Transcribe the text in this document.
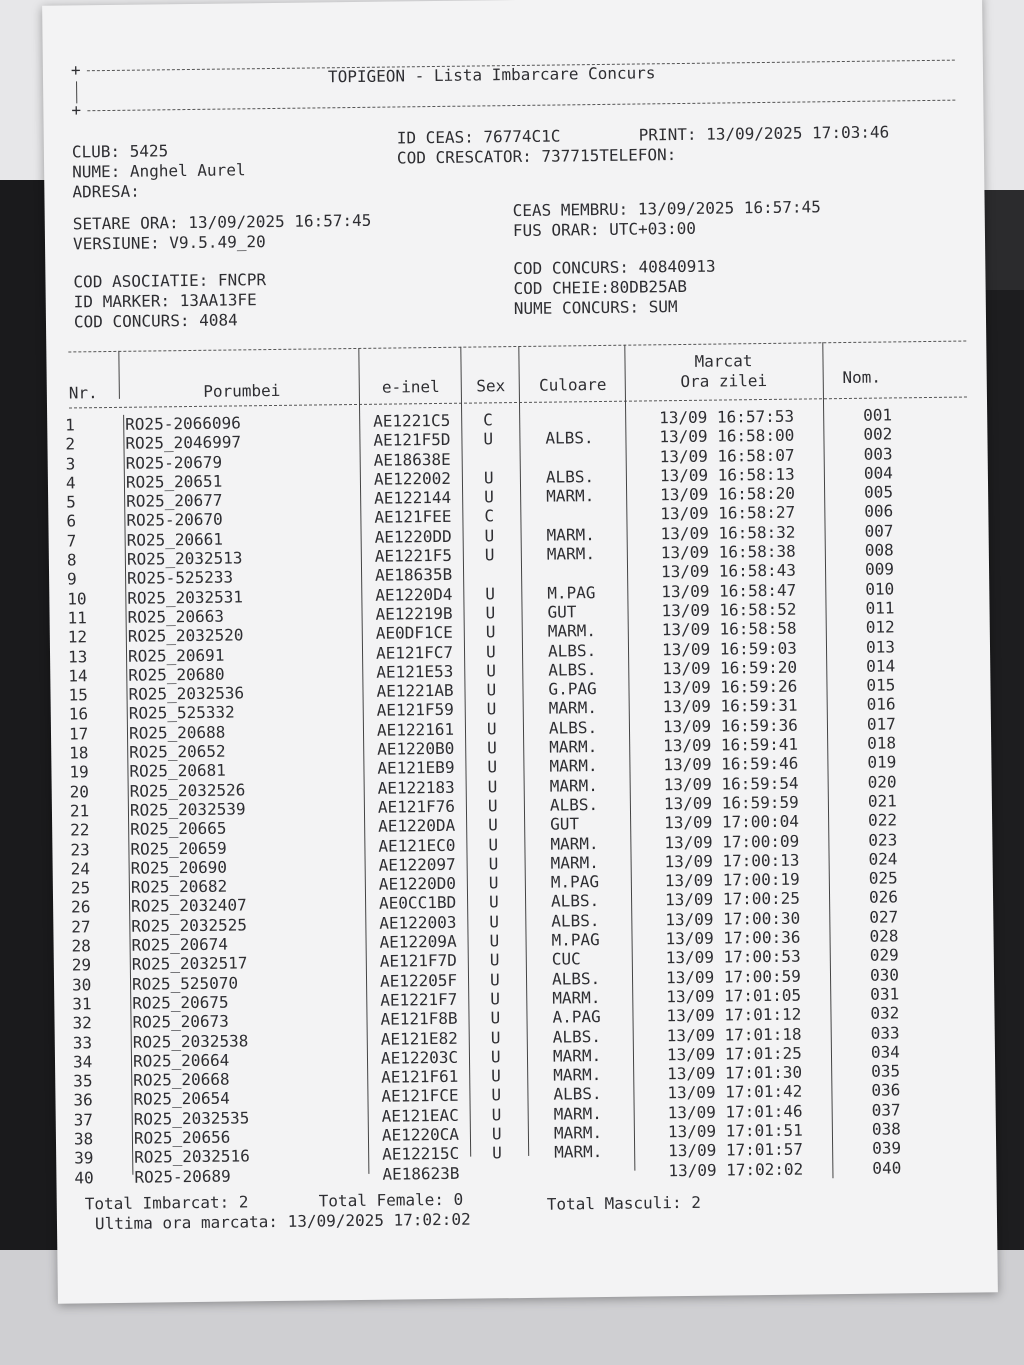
+	TOPIGEON - Lista Imbarcare Concurs
+
CLUB: 5425
NUME: Anghel Aurel
ADRESA:
ID CEAS: 76774C1C	PRINT: 13/09/2025 17:03:46
COD CRESCATOR: 737715TELEFON:
SETARE ORA: 13/09/2025 16:57:45
VERSIUNE: V9.5.49_20
CEAS MEMBRU: 13/09/2025 16:57:45
FUS ORAR: UTC+03:00
COD ASOCIATIE: FNCPR
ID MARKER: 13AA13FE
COD CONCURS: 4084
COD CONCURS: 40840913
COD CHEIE:80DB25AB
NUME CONCURS: SUM
Nr.	Porumbei	e-inel	Sex	Culoare
Marcat
Ora zilei	Nom.
1	RO25-2066096	AE1221C5	C		13/09 16:57:53	001
2	RO25_2046997	AE121F5D	U	ALBS.	13/09 16:58:00	002
3	RO25-20679	AE18638E			13/09 16:58:07	003
4	RO25_20651	AE122002	U	ALBS.	13/09 16:58:13	004
5	RO25_20677	AE122144	U	MARM.	13/09 16:58:20	005
6	RO25-20670	AE121FEE	C		13/09 16:58:27	006
7	RO25_20661	AE1220DD	U	MARM.	13/09 16:58:32	007
8	RO25_2032513	AE1221F5	U	MARM.	13/09 16:58:38	008
9	RO25-525233	AE18635B			13/09 16:58:43	009
10	RO25_2032531	AE1220D4	U	M.PAG	13/09 16:58:47	010
11	RO25_20663	AE12219B	U	GUT	13/09 16:58:52	011
12	RO25_2032520	AE0DF1CE	U	MARM.	13/09 16:58:58	012
13	RO25_20691	AE121FC7	U	ALBS.	13/09 16:59:03	013
14	RO25_20680	AE121E53	U	ALBS.	13/09 16:59:20	014
15	RO25_2032536	AE1221AB	U	G.PAG	13/09 16:59:26	015
16	RO25_525332	AE121F59	U	MARM.	13/09 16:59:31	016
17	RO25_20688	AE122161	U	ALBS.	13/09 16:59:36	017
18	RO25_20652	AE1220B0	U	MARM.	13/09 16:59:41	018
19	RO25_20681	AE121EB9	U	MARM.	13/09 16:59:46	019
20	RO25_2032526	AE122183	U	MARM.	13/09 16:59:54	020
21	RO25_2032539	AE121F76	U	ALBS.	13/09 16:59:59	021
22	RO25_20665	AE1220DA	U	GUT	13/09 17:00:04	022
23	RO25_20659	AE121EC0	U	MARM.	13/09 17:00:09	023
24	RO25_20690	AE122097	U	MARM.	13/09 17:00:13	024
25	RO25_20682	AE1220D0	U	M.PAG	13/09 17:00:19	025
26	RO25_2032407	AE0CC1BD	U	ALBS.	13/09 17:00:25	026
27	RO25_2032525	AE122003	U	ALBS.	13/09 17:00:30	027
28	RO25_20674	AE12209A	U	M.PAG	13/09 17:00:36	028
29	RO25_2032517	AE121F7D	U	CUC	13/09 17:00:53	029
30	RO25_525070	AE12205F	U	ALBS.	13/09 17:00:59	030
31	RO25_20675	AE1221F7	U	MARM.	13/09 17:01:05	031
32	RO25_20673	AE121F8B	U	A.PAG	13/09 17:01:12	032
33	RO25_2032538	AE121E82	U	ALBS.	13/09 17:01:18	033
34	RO25_20664	AE12203C	U	MARM.	13/09 17:01:25	034
35	RO25_20668	AE121F61	U	MARM.	13/09 17:01:30	035
36	RO25_20654	AE121FCE	U	ALBS.	13/09 17:01:42	036
37	RO25_2032535	AE121EAC	U	MARM.	13/09 17:01:46	037
38	RO25_20656	AE1220CA	U	MARM.	13/09 17:01:51	038
39	RO25_2032516	AE12215C	U	MARM.	13/09 17:01:57	039
40	RO25-20689	AE18623B			13/09 17:02:02	040
Total Imbarcat: 2	Total Female: 0	Total Masculi: 2
Ultima ora marcata: 13/09/2025 17:02:02
